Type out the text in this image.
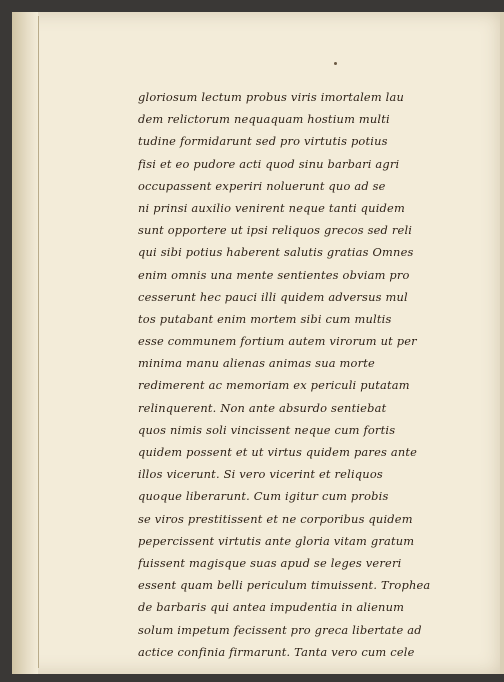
gloriosum lectum probus viris imortalem lau
dem relictorum nequaquam hostium multi
tudine formidarunt sed pro virtutis potius
fisi et eo pudore acti quod sinu barbari agri
occupassent experiri noluerunt quo ad se
ni prinsi auxilio venirent neque tanti quidem
sunt opportere ut ipsi reliquos grecos sed reli
qui sibi potius haberent salutis gratias Omnes
enim omnis una mente sentientes obviam pro
cesserunt hec pauci illi quidem adversus mul
tos putabant enim mortem sibi cum multis
esse communem fortium autem virorum ut per
minima manu alienas animas sua morte
redimerent ac memoriam ex periculi putatam
relinquerent. Non ante absurdo sentiebat
quos nimis soli vincissent neque cum fortis
quidem possent et ut virtus quidem pares ante
illos vicerunt. Si vero vicerint et reliquos
quoque liberarunt. Cum igitur cum probis
se viros prestitissent et ne corporibus quidem
pepercissent virtutis ante gloria vitam gratum
fuissent magisque suas apud se leges vereri
essent quam belli periculum timuissent. Trophea
de barbaris qui antea impudentia in alienum
solum impetum fecissent pro greca libertate ad
actice confinia firmarunt. Tanta vero cum cele
